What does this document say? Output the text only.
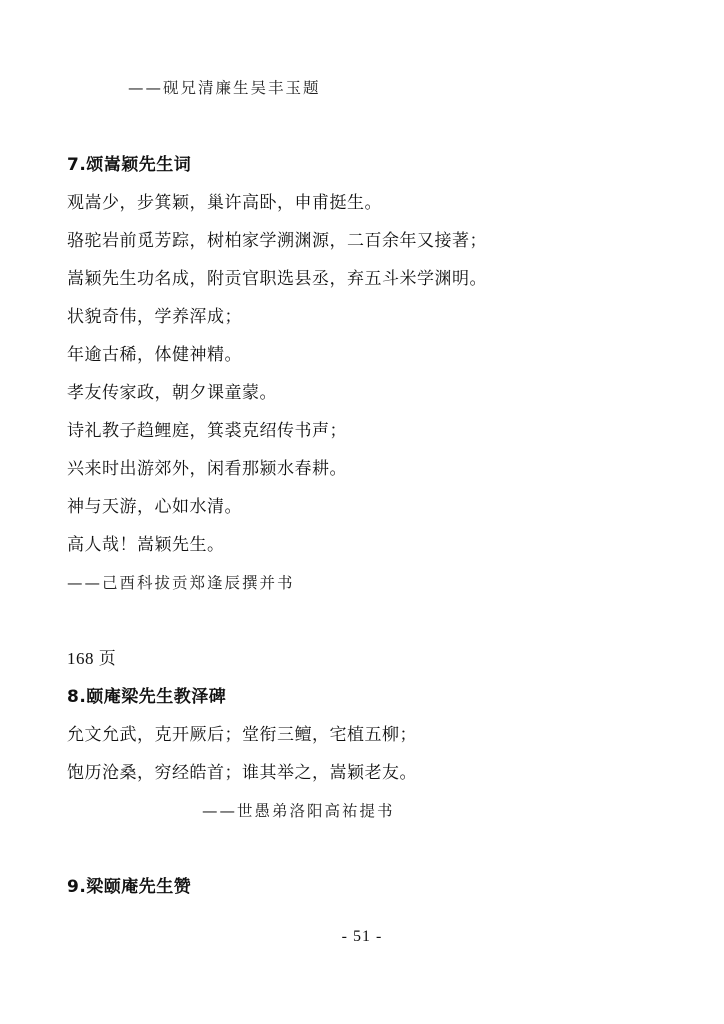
——砚兄清廉生吴丰玉题
7.颂嵩颖先生词
观嵩少，步箕颖，巢许高卧，申甫挺生。
骆驼岩前觅芳踪，树柏家学溯渊源，二百余年又接著；
嵩颖先生功名成，附贡官职选县丞，弃五斗米学渊明。
状貌奇伟，学养浑成；
年逾古稀，体健神精。
孝友传家政，朝夕课童蒙。
诗礼教子趋鲤庭，箕裘克绍传书声；
兴来时出游郊外，闲看那颍水春耕。
神与天游，心如水清。
高人哉！嵩颖先生。
——己酉科拔贡郑逢辰撰并书
168 页
8.颐庵梁先生教泽碑
允文允武，克开厥后；堂衔三鳣，宅植五柳；
饱历沧桑，穷经皓首；谁其举之，嵩颖老友。
——世愚弟洛阳高祐提书
9.梁颐庵先生赞
- 51 -
